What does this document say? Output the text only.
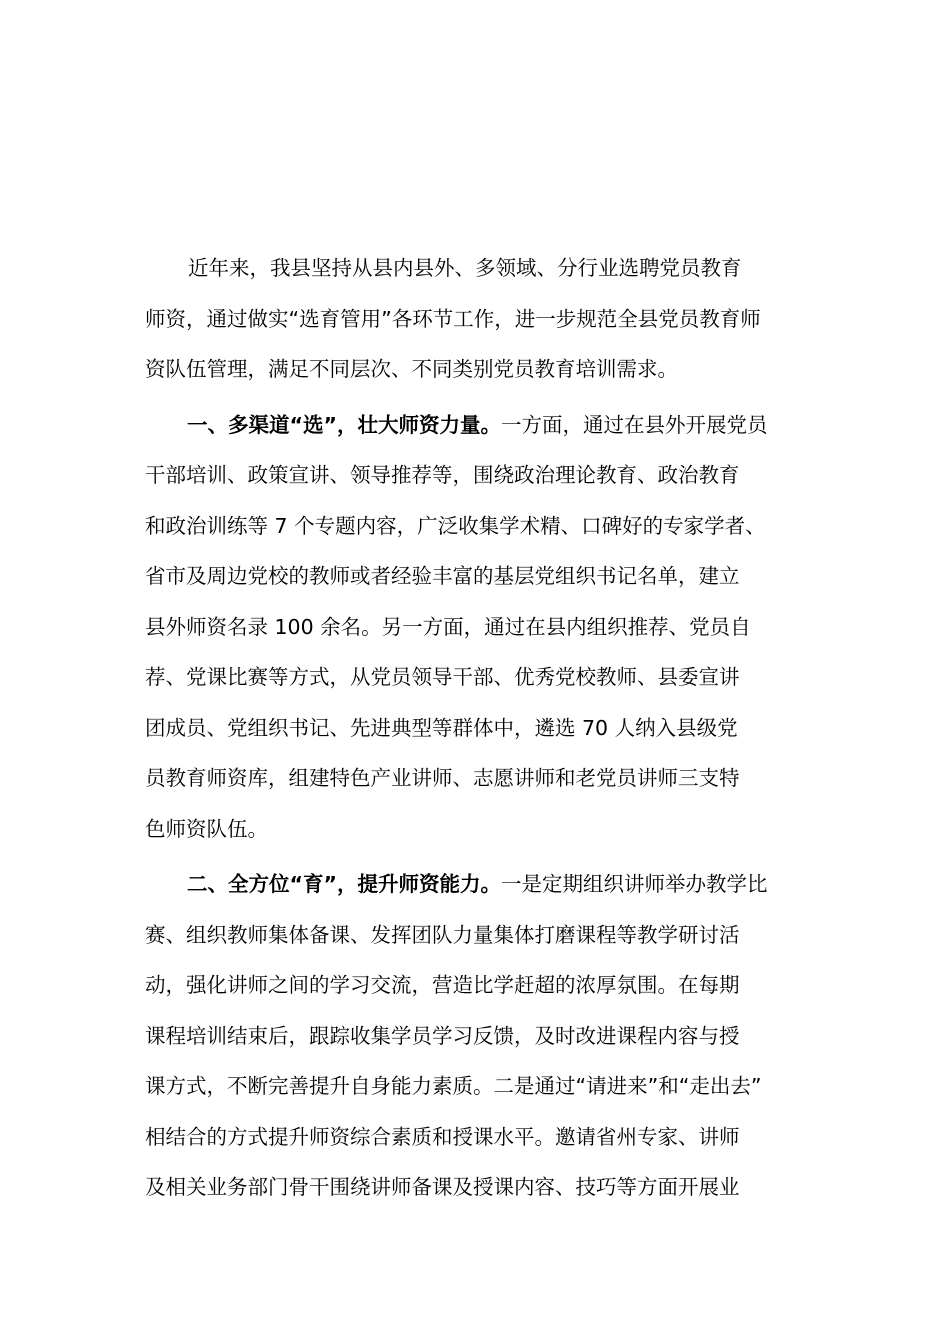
近年来，我县坚持从县内县外、多领域、分行业选聘党员教育
师资，通过做实“选育管用”各环节工作，进一步规范全县党员教育师
资队伍管理，满足不同层次、不同类别党员教育培训需求。
一、多渠道“选”，壮大师资力量。一方面，通过在县外开展党员
干部培训、政策宣讲、领导推荐等，围绕政治理论教育、政治教育
和政治训练等 7 个专题内容，广泛收集学术精、口碑好的专家学者、
省市及周边党校的教师或者经验丰富的基层党组织书记名单，建立
县外师资名录 100 余名。另一方面，通过在县内组织推荐、党员自
荐、党课比赛等方式，从党员领导干部、优秀党校教师、县委宣讲
团成员、党组织书记、先进典型等群体中，遴选 70 人纳入县级党
员教育师资库，组建特色产业讲师、志愿讲师和老党员讲师三支特
色师资队伍。
二、全方位“育”，提升师资能力。一是定期组织讲师举办教学比
赛、组织教师集体备课、发挥团队力量集体打磨课程等教学研讨活
动，强化讲师之间的学习交流，营造比学赶超的浓厚氛围。在每期
课程培训结束后，跟踪收集学员学习反馈，及时改进课程内容与授
课方式，不断完善提升自身能力素质。二是通过“请进来”和“走出去”
相结合的方式提升师资综合素质和授课水平。邀请省州专家、讲师
及相关业务部门骨干围绕讲师备课及授课内容、技巧等方面开展业
